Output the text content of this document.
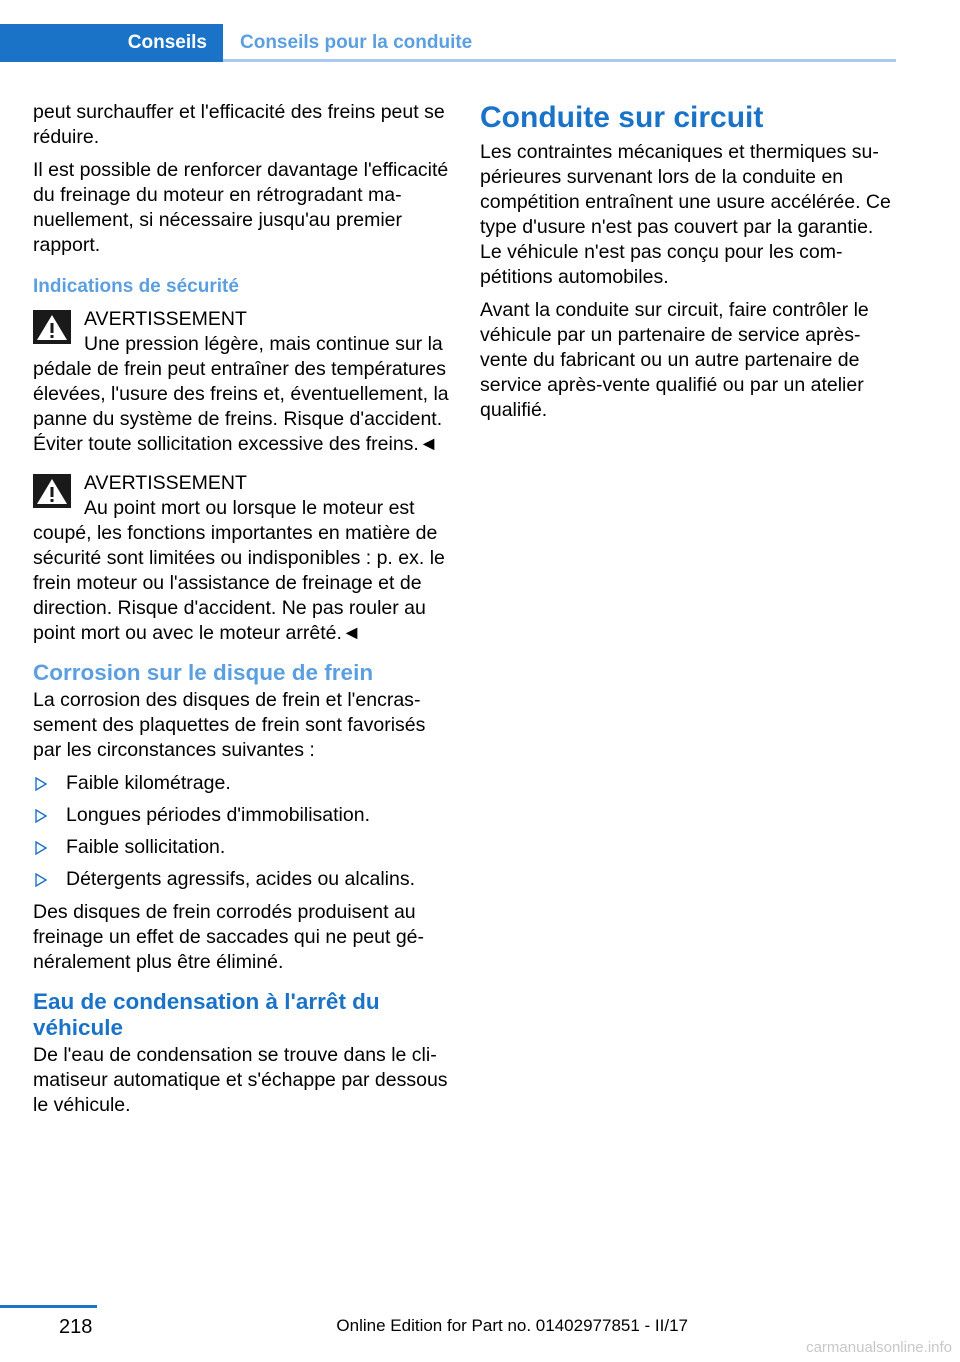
Conseils	Conseils pour la conduite

peut surchauffer et l'efficacité des freins peut se réduire.

Il est possible de renforcer davantage l'efficacité du freinage du moteur en rétrogradant manuellement, si nécessaire jusqu'au premier rapport.

Indications de sécurité
AVERTISSEMENT
Une pression légère, mais continue sur la
pédale de frein peut entraîner des températures élevées, l'usure des freins et, éventuellement, la panne du système de freins. Risque d'accident. Éviter toute sollicitation excessive des freins.◄
AVERTISSEMENT
Au point mort ou lorsque le moteur est
coupé, les fonctions importantes en matière de sécurité sont limitées ou indisponibles : p. ex. le frein moteur ou l'assistance de freinage et de direction. Risque d'accident. Ne pas rouler au point mort ou avec le moteur arrêté.◄
Corrosion sur le disque de frein

La corrosion des disques de frein et l'encrassement des plaquettes de frein sont favorisés par les circonstances suivantes :

Faible kilométrage.
Longues périodes d'immobilisation.
Faible sollicitation.
Détergents agressifs, acides ou alcalins.

Des disques de frein corrodés produisent au freinage un effet de saccades qui ne peut généralement plus être éliminé.

Eau de condensation à l'arrêt du véhicule

De l'eau de condensation se trouve dans le climatiseur automatique et s'échappe par dessous le véhicule.

Conduite sur circuit

Les contraintes mécaniques et thermiques supérieures survenant lors de la conduite en compétition entraînent une usure accélérée. Ce type d'usure n'est pas couvert par la garantie. Le véhicule n'est pas conçu pour les compétitions automobiles.

Avant la conduite sur circuit, faire contrôler le véhicule par un partenaire de service après-vente du fabricant ou un autre partenaire de service après-vente qualifié ou par un atelier qualifié.

218	Online Edition for Part no. 01402977851 - II/17
carmanualsonline.info
